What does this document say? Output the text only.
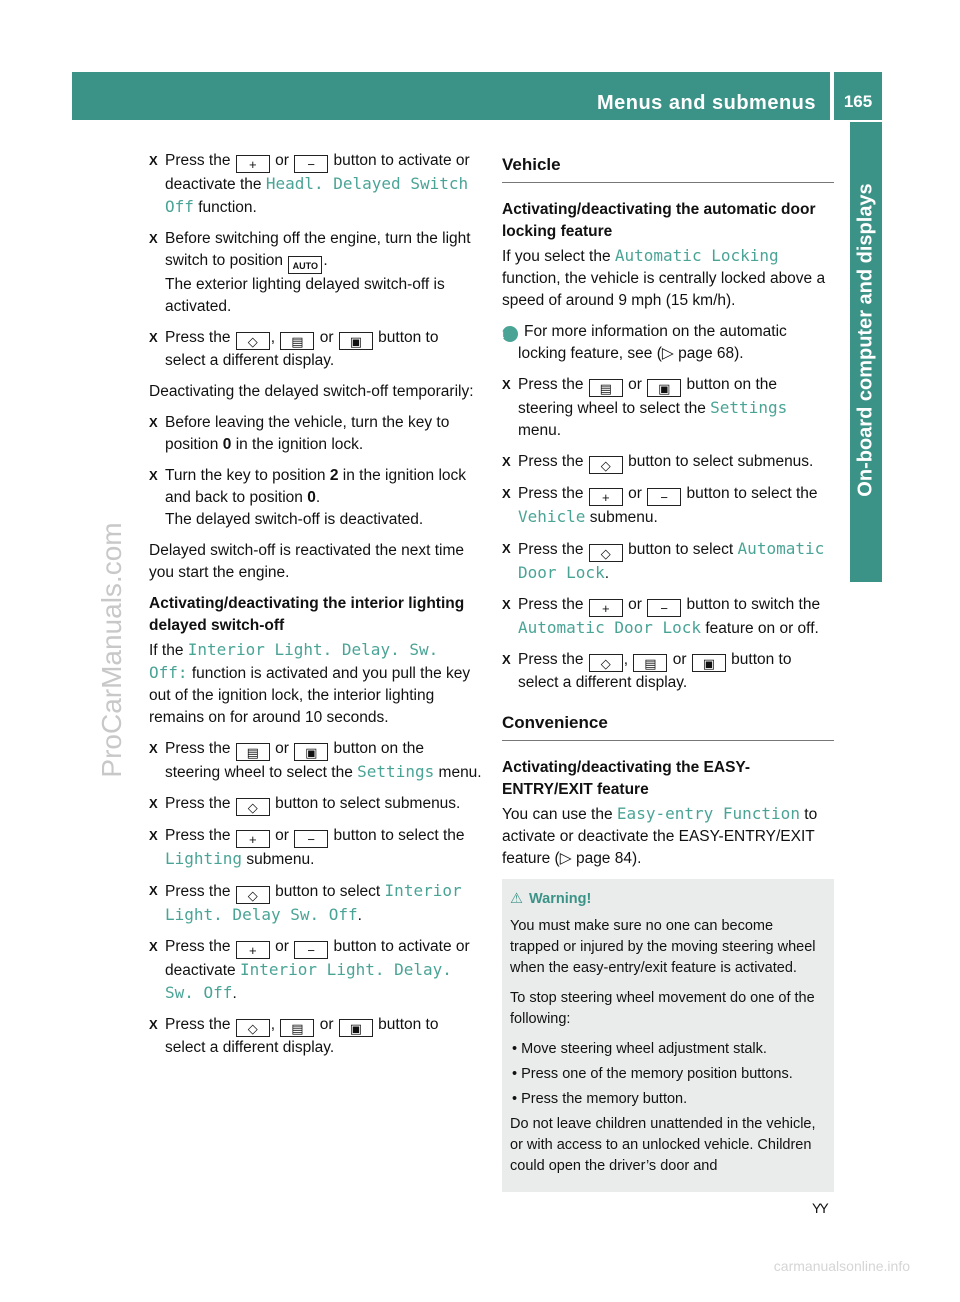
Menus and submenus	165
On-board computer and displays
ProCarManuals.com
X Press the + or − button to activate or deactivate the Headl. Delayed Switch Off function.
X Before switching off the engine, turn the light switch to position AUTO .
The exterior lighting delayed switch-off is activated.
X Press the ◇ , ▤ or ▣ button to select a different display.
Deactivating the delayed switch-off temporarily:
X Before leaving the vehicle, turn the key to position 0 in the ignition lock.
X Turn the key to position 2 in the ignition lock and back to position 0.
The delayed switch-off is deactivated.
Delayed switch-off is reactivated the next time you start the engine.
Activating/deactivating the interior lighting delayed switch-off
If the Interior Light. Delay. Sw. Off: function is activated and you pull the key out of the ignition lock, the interior lighting remains on for around 10 seconds.
X Press the ▤ or ▣ button on the steering wheel to select the Settings menu.
X Press the ◇ button to select submenus.
X Press the + or − button to select the Lighting submenu.
X Press the ◇ button to select Interior Light. Delay Sw. Off.
X Press the + or − button to activate or deactivate Interior Light. Delay. Sw. Off.
X Press the ◇ , ▤ or ▣ button to select a different display.
Vehicle
Activating/deactivating the automatic door locking feature
If you select the Automatic Locking function, the vehicle is centrally locked above a speed of around 9 mph (15 km/h).
i For more information on the automatic locking feature, see (▷ page 68).
X Press the ▤ or ▣ button on the steering wheel to select the Settings menu.
X Press the ◇ button to select submenus.
X Press the + or − button to select the Vehicle submenu.
X Press the ◇ button to select Automatic Door Lock.
X Press the + or − button to switch the Automatic Door Lock feature on or off.
X Press the ◇ , ▤ or ▣ button to select a different display.
Convenience
Activating/deactivating the EASY-ENTRY/EXIT feature
You can use the Easy-entry Function to activate or deactivate the EASY-ENTRY/EXIT feature (▷ page 84).
⚠ Warning!
You must make sure no one can become trapped or injured by the moving steering wheel when the easy-entry/exit feature is activated.
To stop steering wheel movement do one of the following:
• Move steering wheel adjustment stalk.
• Press one of the memory position buttons.
• Press the memory button.
Do not leave children unattended in the vehicle, or with access to an unlocked vehicle. Children could open the driver’s door and
YY
carmanualsonline.info
